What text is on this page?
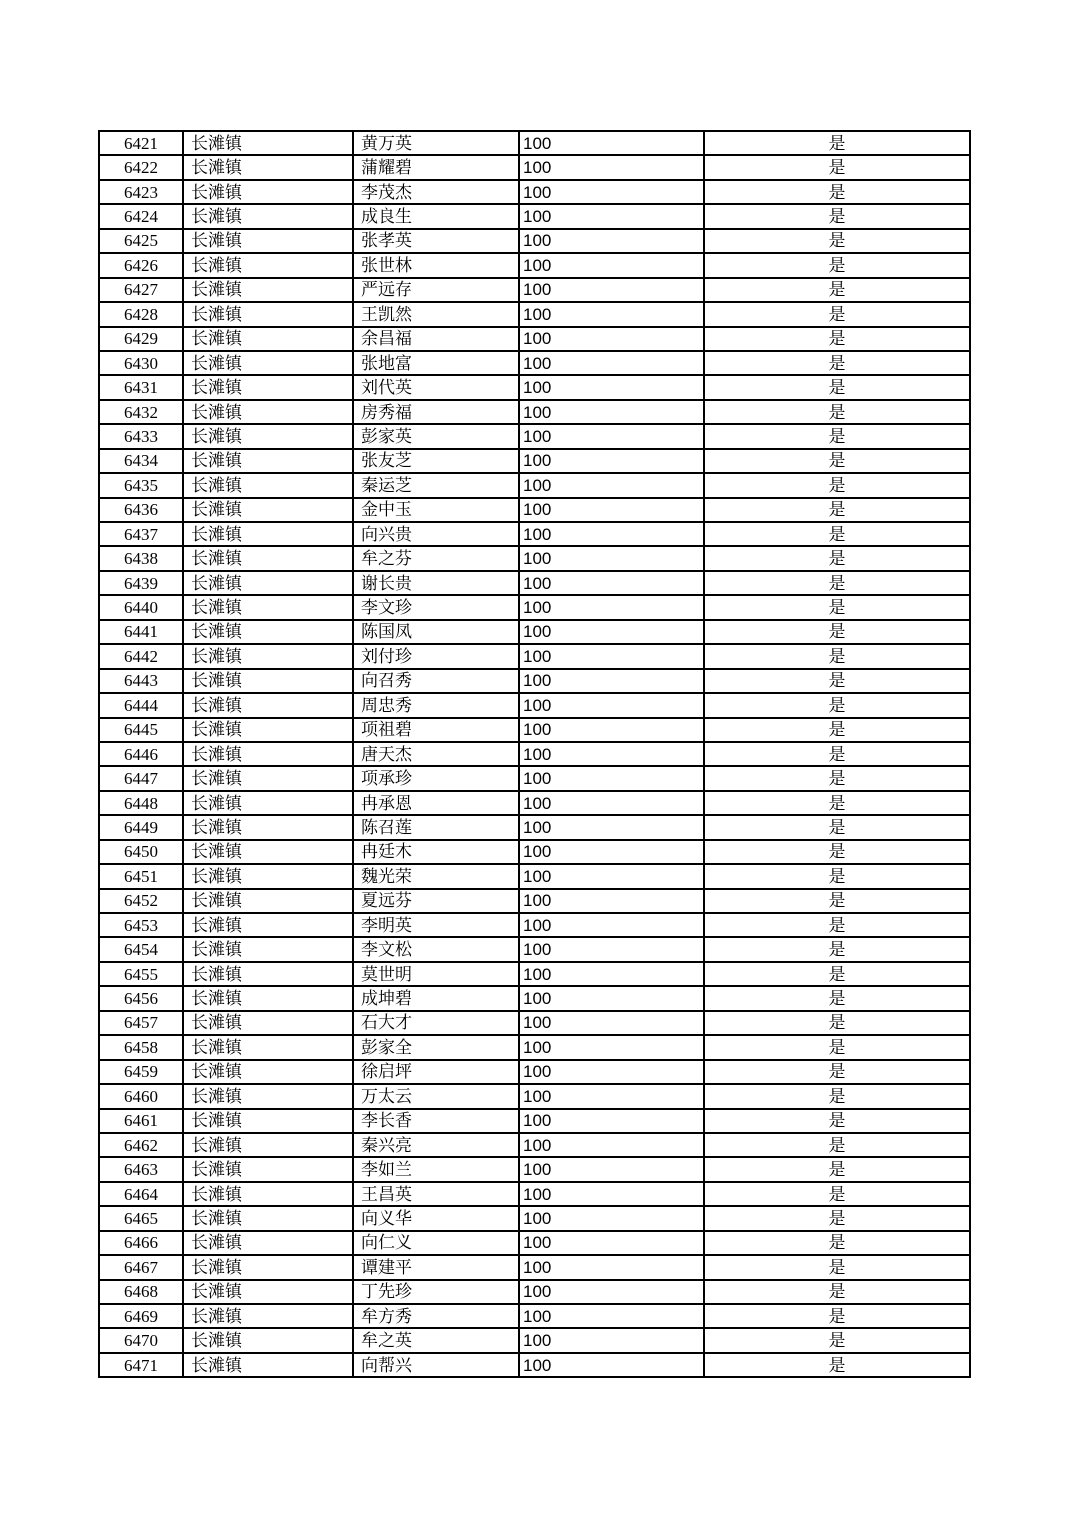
6421	长滩镇	黄万英	100	是
6422	长滩镇	蒲耀碧	100	是
6423	长滩镇	李茂杰	100	是
6424	长滩镇	成良生	100	是
6425	长滩镇	张孝英	100	是
6426	长滩镇	张世林	100	是
6427	长滩镇	严远存	100	是
6428	长滩镇	王凯然	100	是
6429	长滩镇	余昌福	100	是
6430	长滩镇	张地富	100	是
6431	长滩镇	刘代英	100	是
6432	长滩镇	房秀福	100	是
6433	长滩镇	彭家英	100	是
6434	长滩镇	张友芝	100	是
6435	长滩镇	秦运芝	100	是
6436	长滩镇	金中玉	100	是
6437	长滩镇	向兴贵	100	是
6438	长滩镇	牟之芬	100	是
6439	长滩镇	谢长贵	100	是
6440	长滩镇	李文珍	100	是
6441	长滩镇	陈国凤	100	是
6442	长滩镇	刘付珍	100	是
6443	长滩镇	向召秀	100	是
6444	长滩镇	周忠秀	100	是
6445	长滩镇	项祖碧	100	是
6446	长滩镇	唐天杰	100	是
6447	长滩镇	项承珍	100	是
6448	长滩镇	冉承恩	100	是
6449	长滩镇	陈召莲	100	是
6450	长滩镇	冉廷木	100	是
6451	长滩镇	魏光荣	100	是
6452	长滩镇	夏远芬	100	是
6453	长滩镇	李明英	100	是
6454	长滩镇	李文松	100	是
6455	长滩镇	莫世明	100	是
6456	长滩镇	成坤碧	100	是
6457	长滩镇	石大才	100	是
6458	长滩镇	彭家全	100	是
6459	长滩镇	徐启坪	100	是
6460	长滩镇	万太云	100	是
6461	长滩镇	李长香	100	是
6462	长滩镇	秦兴亮	100	是
6463	长滩镇	李如兰	100	是
6464	长滩镇	王昌英	100	是
6465	长滩镇	向义华	100	是
6466	长滩镇	向仁义	100	是
6467	长滩镇	谭建平	100	是
6468	长滩镇	丁先珍	100	是
6469	长滩镇	牟方秀	100	是
6470	长滩镇	牟之英	100	是
6471	长滩镇	向帮兴	100	是
